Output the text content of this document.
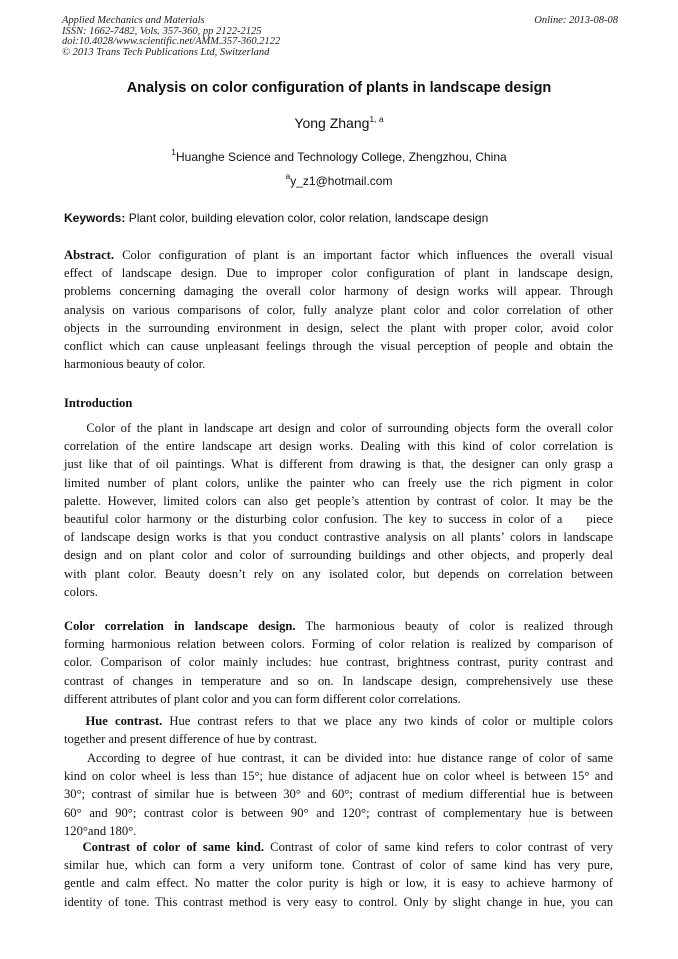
Applied Mechanics and Materials
ISSN: 1662-7482, Vols. 357-360, pp 2122-2125
doi:10.4028/www.scientific.net/AMM.357-360.2122
© 2013 Trans Tech Publications Ltd, Switzerland
Online: 2013-08-08
Analysis on color configuration of plants in landscape design
Yong Zhang$^{1, a}$
$^1$Huanghe Science and Technology College, Zhengzhou, China
$^a$y_z1@hotmail.com
Keywords: Plant color, building elevation color, color relation, landscape design
Abstract. Color configuration of plant is an important factor which influences the overall visual
effect of landscape design. Due to improper color configuration of plant in landscape design,
problems concerning damaging the overall color harmony of design works will appear. Through
analysis on various comparisons of color, fully analyze plant color and color correlation of other
objects in the surrounding environment in design, select the plant with proper color, avoid color
conflict which can cause unpleasant feelings through the visual perception of people and obtain the
harmonious beauty of color.
Introduction
Color of the plant in landscape art design and color of surrounding objects form the overall color
correlation of the entire landscape art design works. Dealing with this kind of color correlation is
just like that of oil paintings. What is different from drawing is that, the designer can only grasp a
limited number of plant colors, unlike the painter who can freely use the rich pigment in color
palette. However, limited colors can also get people’s attention by contrast of color. It may be the
beautiful color harmony or the disturbing color confusion. The key to success in color of a    piece
of landscape design works is that you conduct contrastive analysis on all plants’ colors in landscape
design and on plant color and color of surrounding buildings and other objects, and properly deal
with plant color. Beauty doesn’t rely on any isolated color, but depends on correlation between
colors.
Color correlation in landscape design. The harmonious beauty of color is realized through
forming harmonious relation between colors. Forming of color relation is realized by comparison of
color. Comparison of color mainly includes: hue contrast, brightness contrast, purity contrast and
contrast of changes in temperature and so on. In landscape design, comprehensively use these
different attributes of plant color and you can form different color correlations.
Hue contrast. Hue contrast refers to that we place any two kinds of color or multiple colors
together and present difference of hue by contrast.
According to degree of hue contrast, it can be divided into: hue distance range of color of same
kind on color wheel is less than 15°; hue distance of adjacent hue on color wheel is between 15° and
30°; contrast of similar hue is between 30° and 60°; contrast of medium differential hue is between
60° and 90°; contrast color is between 90° and 120°; contrast of complementary hue is between
120°and 180°.
Contrast of color of same kind. Contrast of color of same kind refers to color contrast of very
similar hue, which can form a very uniform tone. Contrast of color of same kind has very pure,
gentle and calm effect. No matter the color purity is high or low, it is easy to achieve harmony of
identity of tone. This contrast method is very easy to control. Only by slight change in hue, you can
